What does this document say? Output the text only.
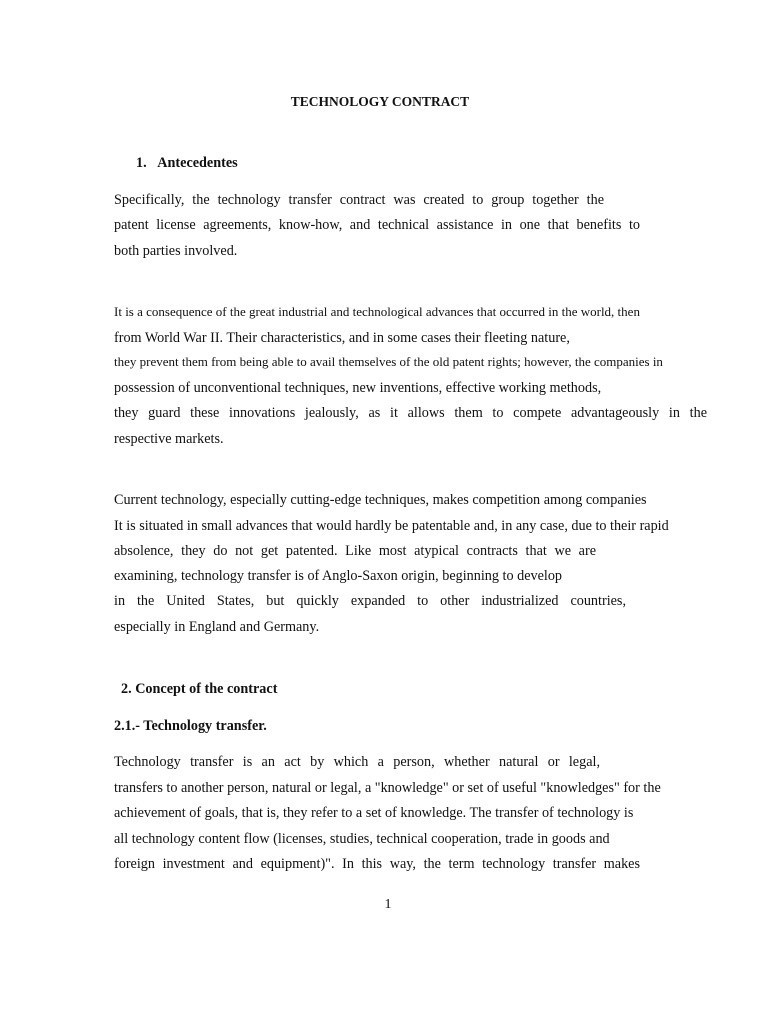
TECHNOLOGY CONTRACT
1.   Antecedentes
Specifically, the technology transfer contract was created to group together the
patent license agreements, know-how, and technical assistance in one that benefits to
both parties involved.
It is a consequence of the great industrial and technological advances that occurred in the world, then
from World War II. Their characteristics, and in some cases their fleeting nature,
they prevent them from being able to avail themselves of the old patent rights; however, the companies in
possession of unconventional techniques, new inventions, effective working methods,
they guard these innovations jealously, as it allows them to compete advantageously in the
respective markets.
Current technology, especially cutting-edge techniques, makes competition among companies
It is situated in small advances that would hardly be patentable and, in any case, due to their rapid
absolence, they do not get patented. Like most atypical contracts that we are
examining, technology transfer is of Anglo-Saxon origin, beginning to develop
in the United States, but quickly expanded to other industrialized countries,
especially in England and Germany.
2. Concept of the contract
2.1.- Technology transfer.
Technology transfer is an act by which a person, whether natural or legal,
transfers to another person, natural or legal, a "knowledge" or set of useful "knowledges" for the
achievement of goals, that is, they refer to a set of knowledge. The transfer of technology is
all technology content flow (licenses, studies, technical cooperation, trade in goods and
foreign investment and equipment)". In this way, the term technology transfer makes
1
